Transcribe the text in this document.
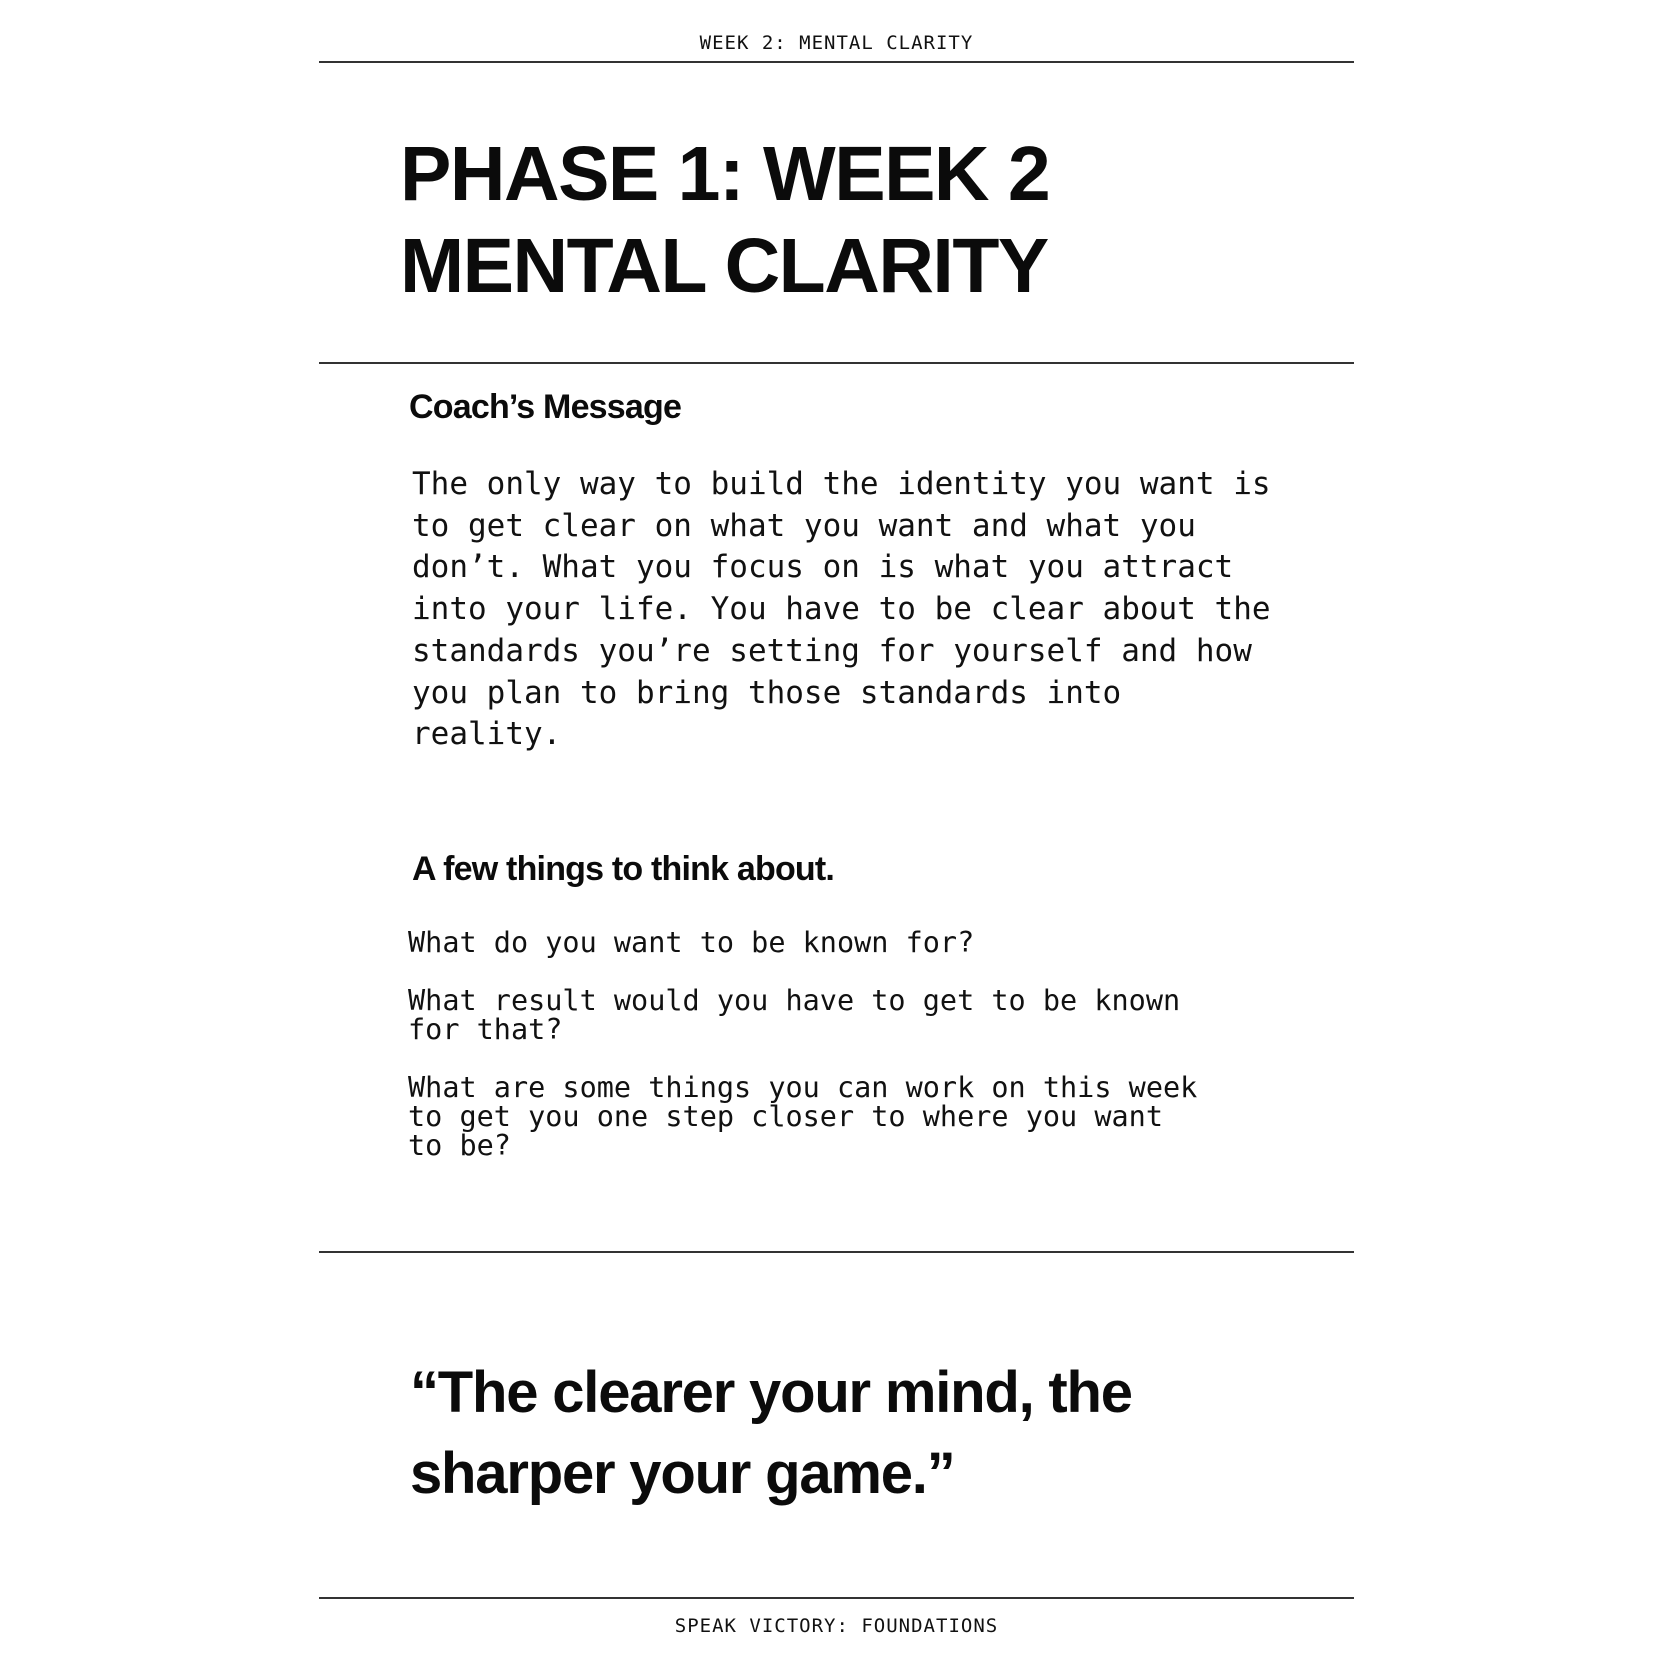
WEEK 2: MENTAL CLARITY
PHASE 1: WEEK 2
MENTAL CLARITY
Coach’s Message
The only way to build the identity you want is
to get clear on what you want and what you
don’t. What you focus on is what you attract
into your life. You have to be clear about the
standards you’re setting for yourself and how
you plan to bring those standards into
reality.
A few things to think about.
What do you want to be known for?
What result would you have to get to be known
for that?
What are some things you can work on this week
to get you one step closer to where you want
to be?
“The clearer your mind, the
sharper your game.”
SPEAK VICTORY: FOUNDATIONS
